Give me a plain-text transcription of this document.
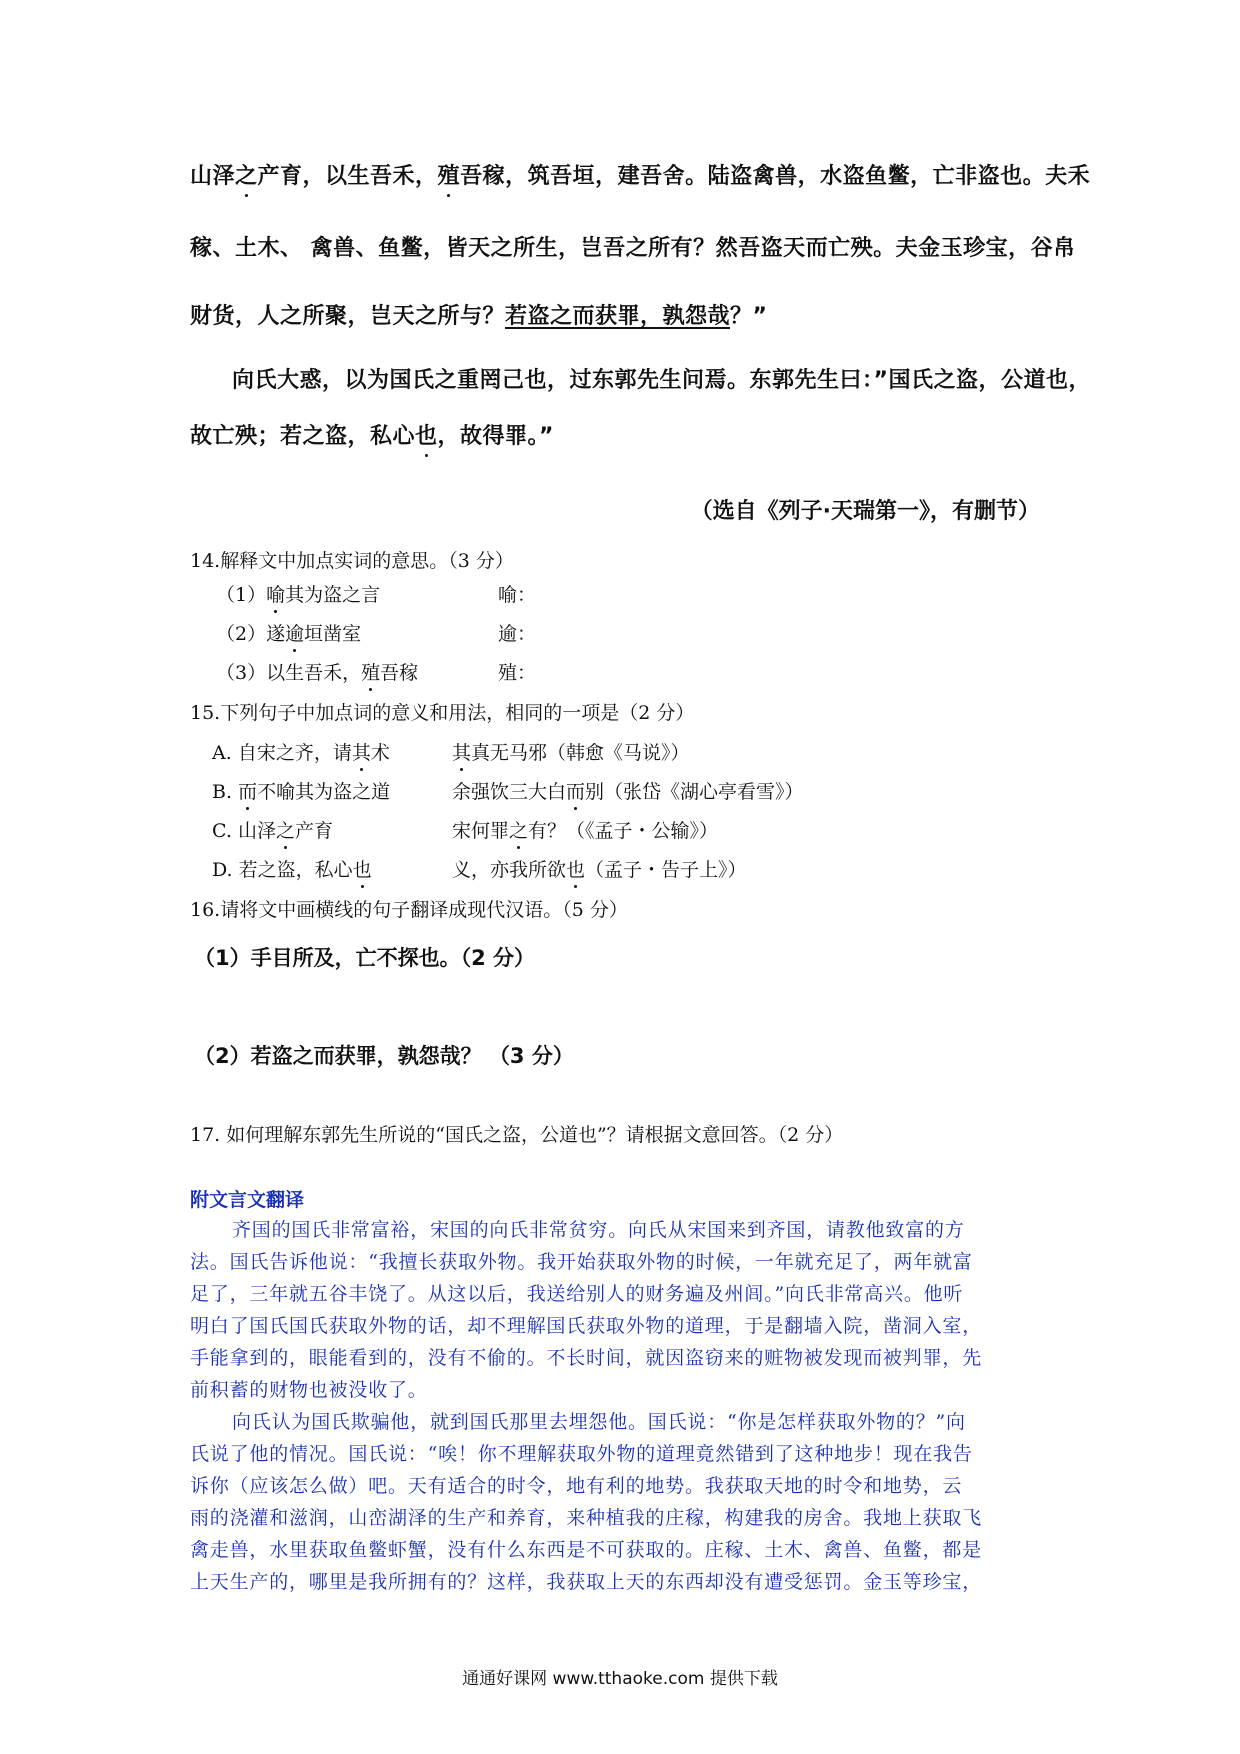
山泽之产育，以生吾禾，殖吾稼，筑吾垣，建吾舍。陆盗禽兽，水盗鱼鳖，亡非盗也。夫禾
稼、土木、 禽兽、鱼鳖，皆天之所生，岂吾之所有？然吾盗天而亡殃。夫金玉珍宝，谷帛
财货，人之所聚，岂天之所与？若盗之而获罪，孰怨哉？”
向氏大惑，以为国氏之重罔己也，过东郭先生问焉。东郭先生曰：”国氏之盗，公道也，
故亡殃；若之盗，私心也，故得罪。”
（选自《列子·天瑞第一》，有删节）
14.解释文中加点实词的意思。（3 分）
（1）喻其为盗之言	喻：
（2）遂逾垣凿室	逾：
（3）以生吾禾，殖吾稼	殖：
15.下列句子中加点词的意义和用法，相同的一项是（2 分）
A. 自宋之齐，请其术	其真无马邪（韩愈《马说》）
B. 而不喻其为盗之道	余强饮三大白而别（张岱《湖心亭看雪》）
C. 山泽之产育	宋何罪之有？（《孟子・公输》）
D. 若之盗，私心也	义，亦我所欲也（孟子・告子上》）
16.请将文中画横线的句子翻译成现代汉语。（5 分）
（1）手目所及，亡不探也。（2 分）
（2）若盗之而获罪，孰怨哉？ （3 分）
17. 如何理解东郭先生所说的“国氏之盗，公道也”？请根据文意回答。（2 分）
附文言文翻译
齐国的国氏非常富裕，宋国的向氏非常贫穷。向氏从宋国来到齐国，请教他致富的方
法。国氏告诉他说：“我擅长获取外物。我开始获取外物的时候，一年就充足了，两年就富
足了，三年就五谷丰饶了。从这以后，我送给别人的财务遍及州闾。”向氏非常高兴。他听
明白了国氏国氏获取外物的话，却不理解国氏获取外物的道理，于是翻墙入院，凿洞入室，
手能拿到的，眼能看到的，没有不偷的。不长时间，就因盗窃来的赃物被发现而被判罪，先
前积蓄的财物也被没收了。
向氏认为国氏欺骗他，就到国氏那里去埋怨他。国氏说：“你是怎样获取外物的？”向
氏说了他的情况。国氏说：“唉！你不理解获取外物的道理竟然错到了这种地步！现在我告
诉你（应该怎么做）吧。天有适合的时令，地有利的地势。我获取天地的时令和地势，云
雨的浇灌和滋润，山峦湖泽的生产和养育，来种植我的庄稼，构建我的房舍。我地上获取飞
禽走兽，水里获取鱼鳖虾蟹，没有什么东西是不可获取的。庄稼、土木、禽兽、鱼鳖，都是
上天生产的，哪里是我所拥有的？这样，我获取上天的东西却没有遭受惩罚。金玉等珍宝，
通通好课网 www.tthaoke.com 提供下载
